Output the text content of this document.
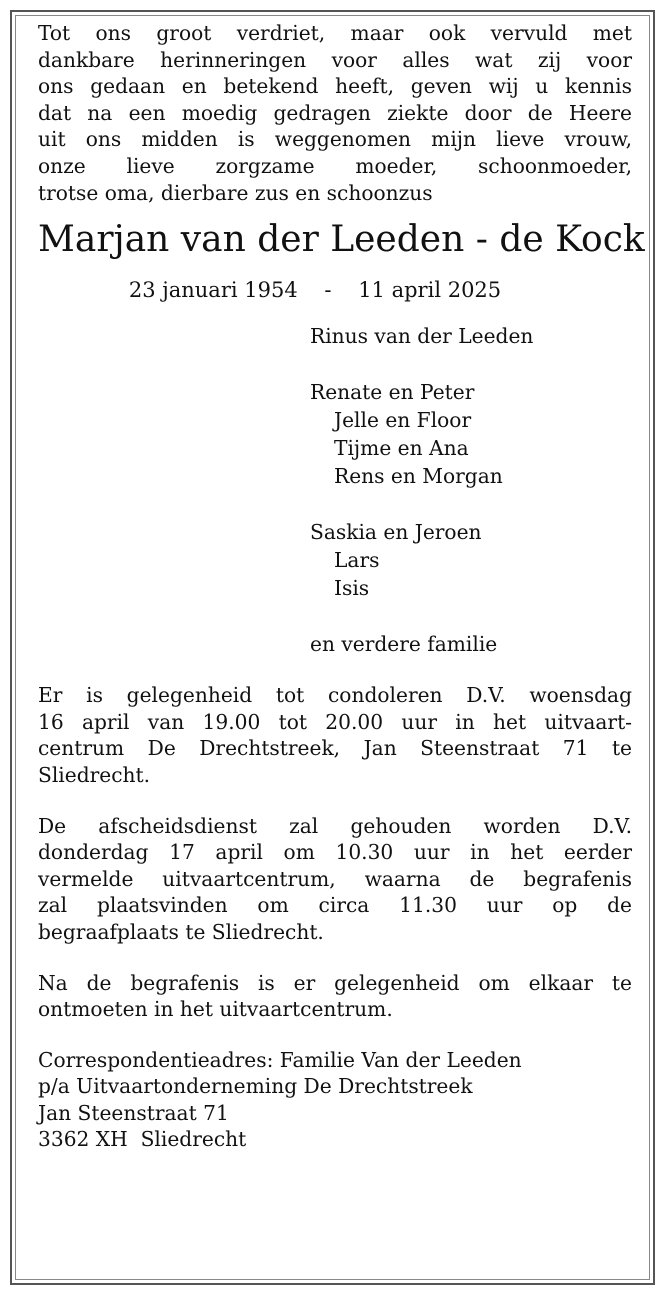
Tot ons groot verdriet, maar ook vervuld met
dankbare herinneringen voor alles wat zij voor
ons gedaan en betekend heeft, geven wij u kennis
dat na een moedig gedragen ziekte door de Heere
uit ons midden is weggenomen mijn lieve vrouw,
onze lieve zorgzame moeder, schoonmoeder,
trotse oma, dierbare zus en schoonzus

Marjan van der Leeden - de Kock
23 januari 1954    -    11 april 2025
Rinus van der Leeden
Renate en Peter
Jelle en Floor
Tijme en Ana
Rens en Morgan
Saskia en Jeroen
Lars
Isis
en verdere familie

Er is gelegenheid tot condoleren D.V. woensdag
16 april van 19.00 tot 20.00 uur in het uitvaart-
centrum De Drechtstreek, Jan Steenstraat 71 te
Sliedrecht.

De afscheidsdienst zal gehouden worden D.V.
donderdag 17 april om 10.30 uur in het eerder
vermelde uitvaartcentrum, waarna de begrafenis
zal plaatsvinden om circa 11.30 uur op de
begraafplaats te Sliedrecht.

Na de begrafenis is er gelegenheid om elkaar te
ontmoeten in het uitvaartcentrum.

Correspondentieadres: Familie Van der Leeden
p/a Uitvaartonderneming De Drechtstreek
Jan Steenstraat 71
3362 XH  Sliedrecht
